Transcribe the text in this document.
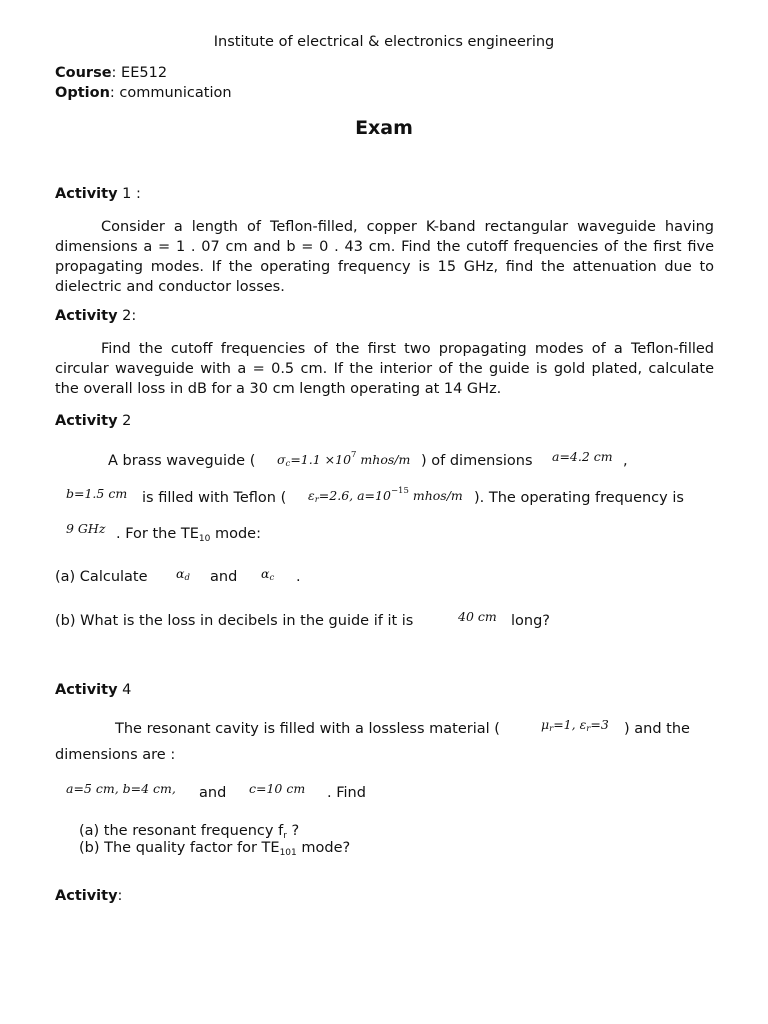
Institute of electrical & electronics engineering
Course: EE512
Option: communication
Exam
Activity 1 :
Consider a length of Teflon-filled, copper K-band rectangular waveguide having dimensions a = 1 . 07 cm and b = 0 . 43 cm. Find the cutoff frequencies of the first five propagating modes. If the operating frequency is 15 GHz, find the attenuation due to dielectric and conductor losses.
Activity 2:
Find the cutoff frequencies of the first two propagating modes of a Teflon-filled circular waveguide with a = 0.5 cm. If the interior of the guide is gold plated, calculate the overall loss in dB for a 30 cm length operating at 14 GHz.
Activity 2
A brass waveguide ( $\sigma_c=1.1 \times 10^7$ mhos/m ) of dimensions a=4.2 cm ,
b=1.5 cm is filled with Teflon ( $\varepsilon_r=2.6$, $a=10^{-15}$ mhos/m ). The operating frequency is
9 GHz . For the $TE_{10}$ mode:
(a) Calculate $\alpha_d$ and $\alpha_c$ .
(b) What is the loss in decibels in the guide if it is	40 cm long?
Activity 4
The resonant cavity is filled with a lossless material (	$\mu_r=1$, $\varepsilon_r=3$ ) and the
dimensions are :
a=5 cm, b=4 cm, and c=10 cm . Find
(a) the resonant frequency $f_r$ ?
(b) The quality factor for $TE_{101}$ mode?
Activity:
